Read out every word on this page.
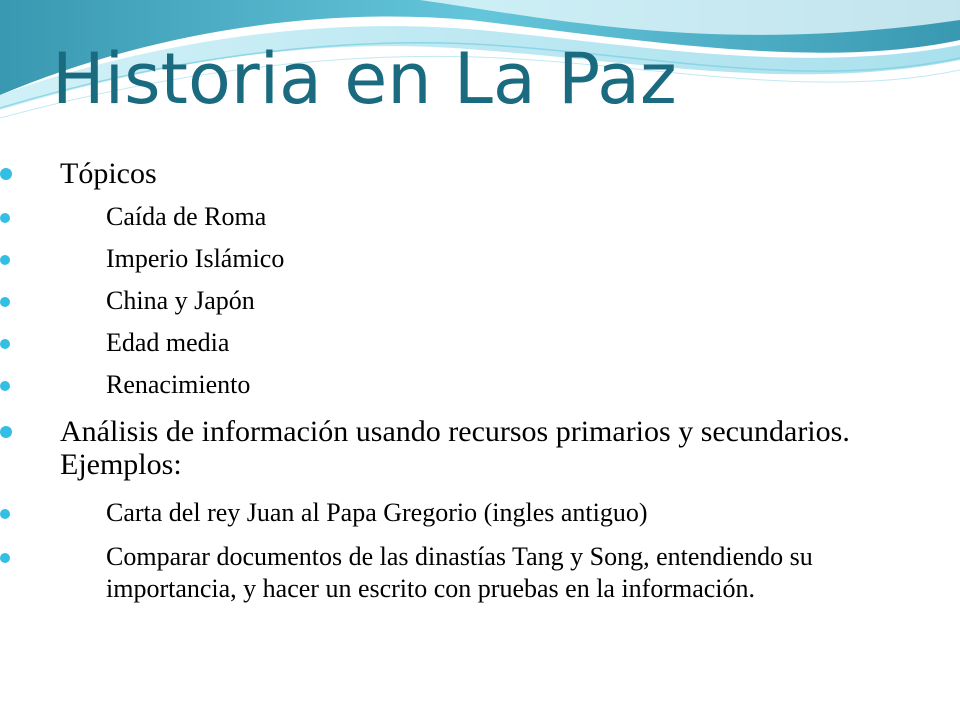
Historia en La Paz
Tópicos
Caída de Roma
Imperio Islámico
China y Japón
Edad media
Renacimiento
Análisis de información usando recursos primarios y secundarios. Ejemplos:
Carta del rey Juan al Papa Gregorio (ingles antiguo)
Comparar documentos de las dinastías Tang y Song, entendiendo su importancia, y hacer un escrito con pruebas en la información.
